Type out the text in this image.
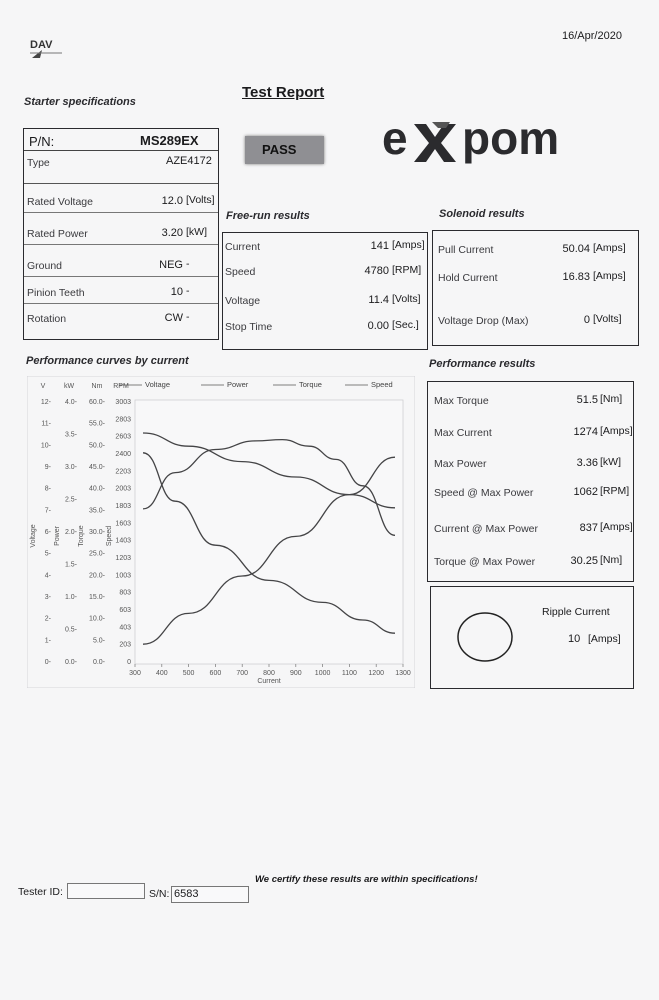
16/Apr/2020
DAV
Test Report
Starter specifications
PASS e pom
P/N:	MS289EX
Type	AZE4172
Rated Voltage	12.0 [Volts]
Rated Power	3.20 [kW]
Ground	NEG -
Pinion Teeth	10 -
Rotation	CW -
Free-run results
Current	141 [Amps]
Speed	4780 [RPM]
Voltage	11.4 [Volts]
Stop Time	0.00 [Sec.]
Solenoid results
Pull Current	50.04 [Amps]
Hold Current	16.83 [Amps]
Voltage Drop (Max)	0 [Volts]
Performance results
Max Torque	51.5 [Nm]
Max Current	1274 [Amps]
Max Power	3.36 [kW]
Speed @ Max Power	1062 [RPM]
Current @ Max Power	837 [Amps]
Torque @ Max Power	30.25 [Nm]
Ripple Current
10 [Amps]
Performance curves by current
V	kW	Nm RPM
12-
11-
10-
9-
8-
7-
6-
5-
4-
3-
2-
1-
0-
4.0-
3.5-
3.0-
2.5-
2.0-
1.5-
1.0-
0.5-
0.0-
60.0-
55.0-
50.0-
45.0-
40.0-
35.0-
30.0-
25.0-
20.0-
15.0-
10.0-
5.0-
0.0-
3003
2803
2603
2400
2203
2003
1803
1603
1403
1203
1003
803
603
403
203
0
Voltage Power Torque	Speed
300 400 500 600 700 800 900 1000 1100 1200 1300
Current
Voltage	Power	Torque	Speed
We certify these results are within specifications!
Tester ID:	S/N: 6583
